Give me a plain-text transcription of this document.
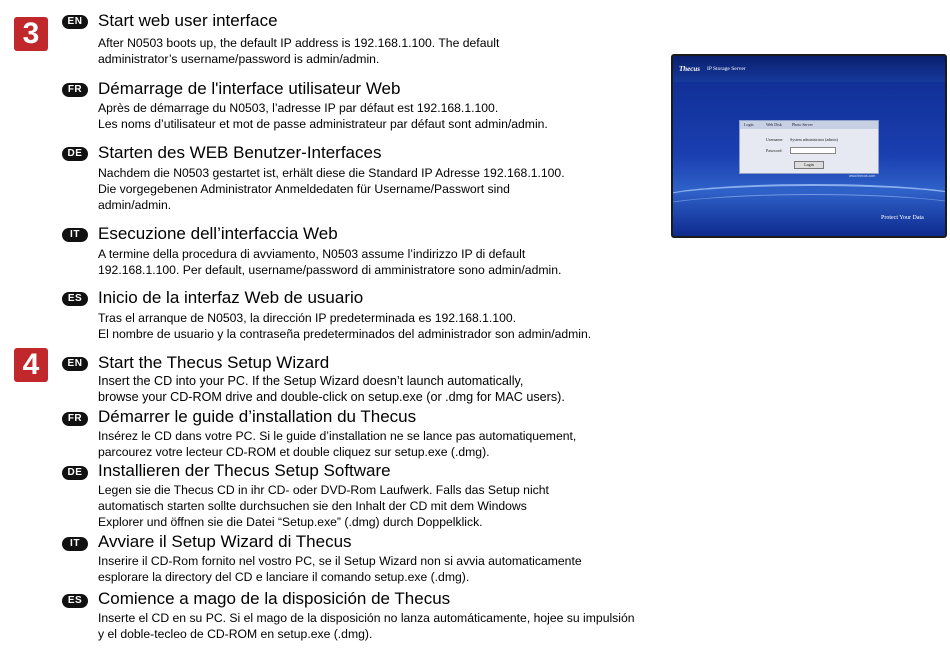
3	EN Start web user interface
After N0503 boots up, the default IP address is 192.168.1.100. The default
administrator’s username/password is admin/admin.
FR Démarrage de l'interface utilisateur Web
Après de démarrage du N0503, l’adresse IP par défaut est 192.168.1.100.
Les noms d’utilisateur et mot de passe administrateur par défaut sont admin/admin.
DE Starten des WEB Benutzer-Interfaces
Nachdem die N0503 gestartet ist, erhält diese die Standard IP Adresse 192.168.1.100.
Die vorgegebenen Administrator Anmeldedaten für Username/Passwort sind
admin/admin.
IT	Esecuzione dell’interfaccia Web
A termine della procedura di avviamento, N0503 assume l’indirizzo IP di default
192.168.1.100. Per default, username/password di amministratore sono admin/admin.
ES Inicio de la interfaz Web de usuario
Tras el arranque de N0503, la dirección IP predeterminada es 192.168.1.100.
El nombre de usuario y la contraseña predeterminados del administrador son admin/admin.
4	EN Start the Thecus Setup Wizard
Insert the CD into your PC. If the Setup Wizard doesn’t launch automatically,
browse your CD-ROM drive and double-click on setup.exe (or .dmg for MAC users).
FR Démarrer le guide d’installation du Thecus
Insérez le CD dans votre PC. Si le guide d’installation ne se lance pas automatiquement,
parcourez votre lecteur CD-ROM et double cliquez sur setup.exe (.dmg).
DE Installieren der Thecus Setup Software
Legen sie die Thecus CD in ihr CD- oder DVD-Rom Laufwerk. Falls das Setup nicht
automatisch starten sollte durchsuchen sie den Inhalt der CD mit dem Windows
Explorer und öffnen sie die Datei “Setup.exe” (.dmg) durch Doppelklick.
IT	Avviare il Setup Wizard di Thecus
Inserire il CD-Rom fornito nel vostro PC, se il Setup Wizard non si avvia automaticamente
esplorare la directory del CD e lanciare il comando setup.exe (.dmg).
ES Comience a mago de la disposición de Thecus
Inserte el CD en su PC. Si el mago de la disposición no lanza automáticamente, hojee su impulsión
y el doble-tecleo de CD-ROM en setup.exe (.dmg).
Thecus IP Storage Server
Login	Web Disk	Photo Server
Username: System administrator (admin)
Password:
Login
www.thecus.com
Protect Your Data
